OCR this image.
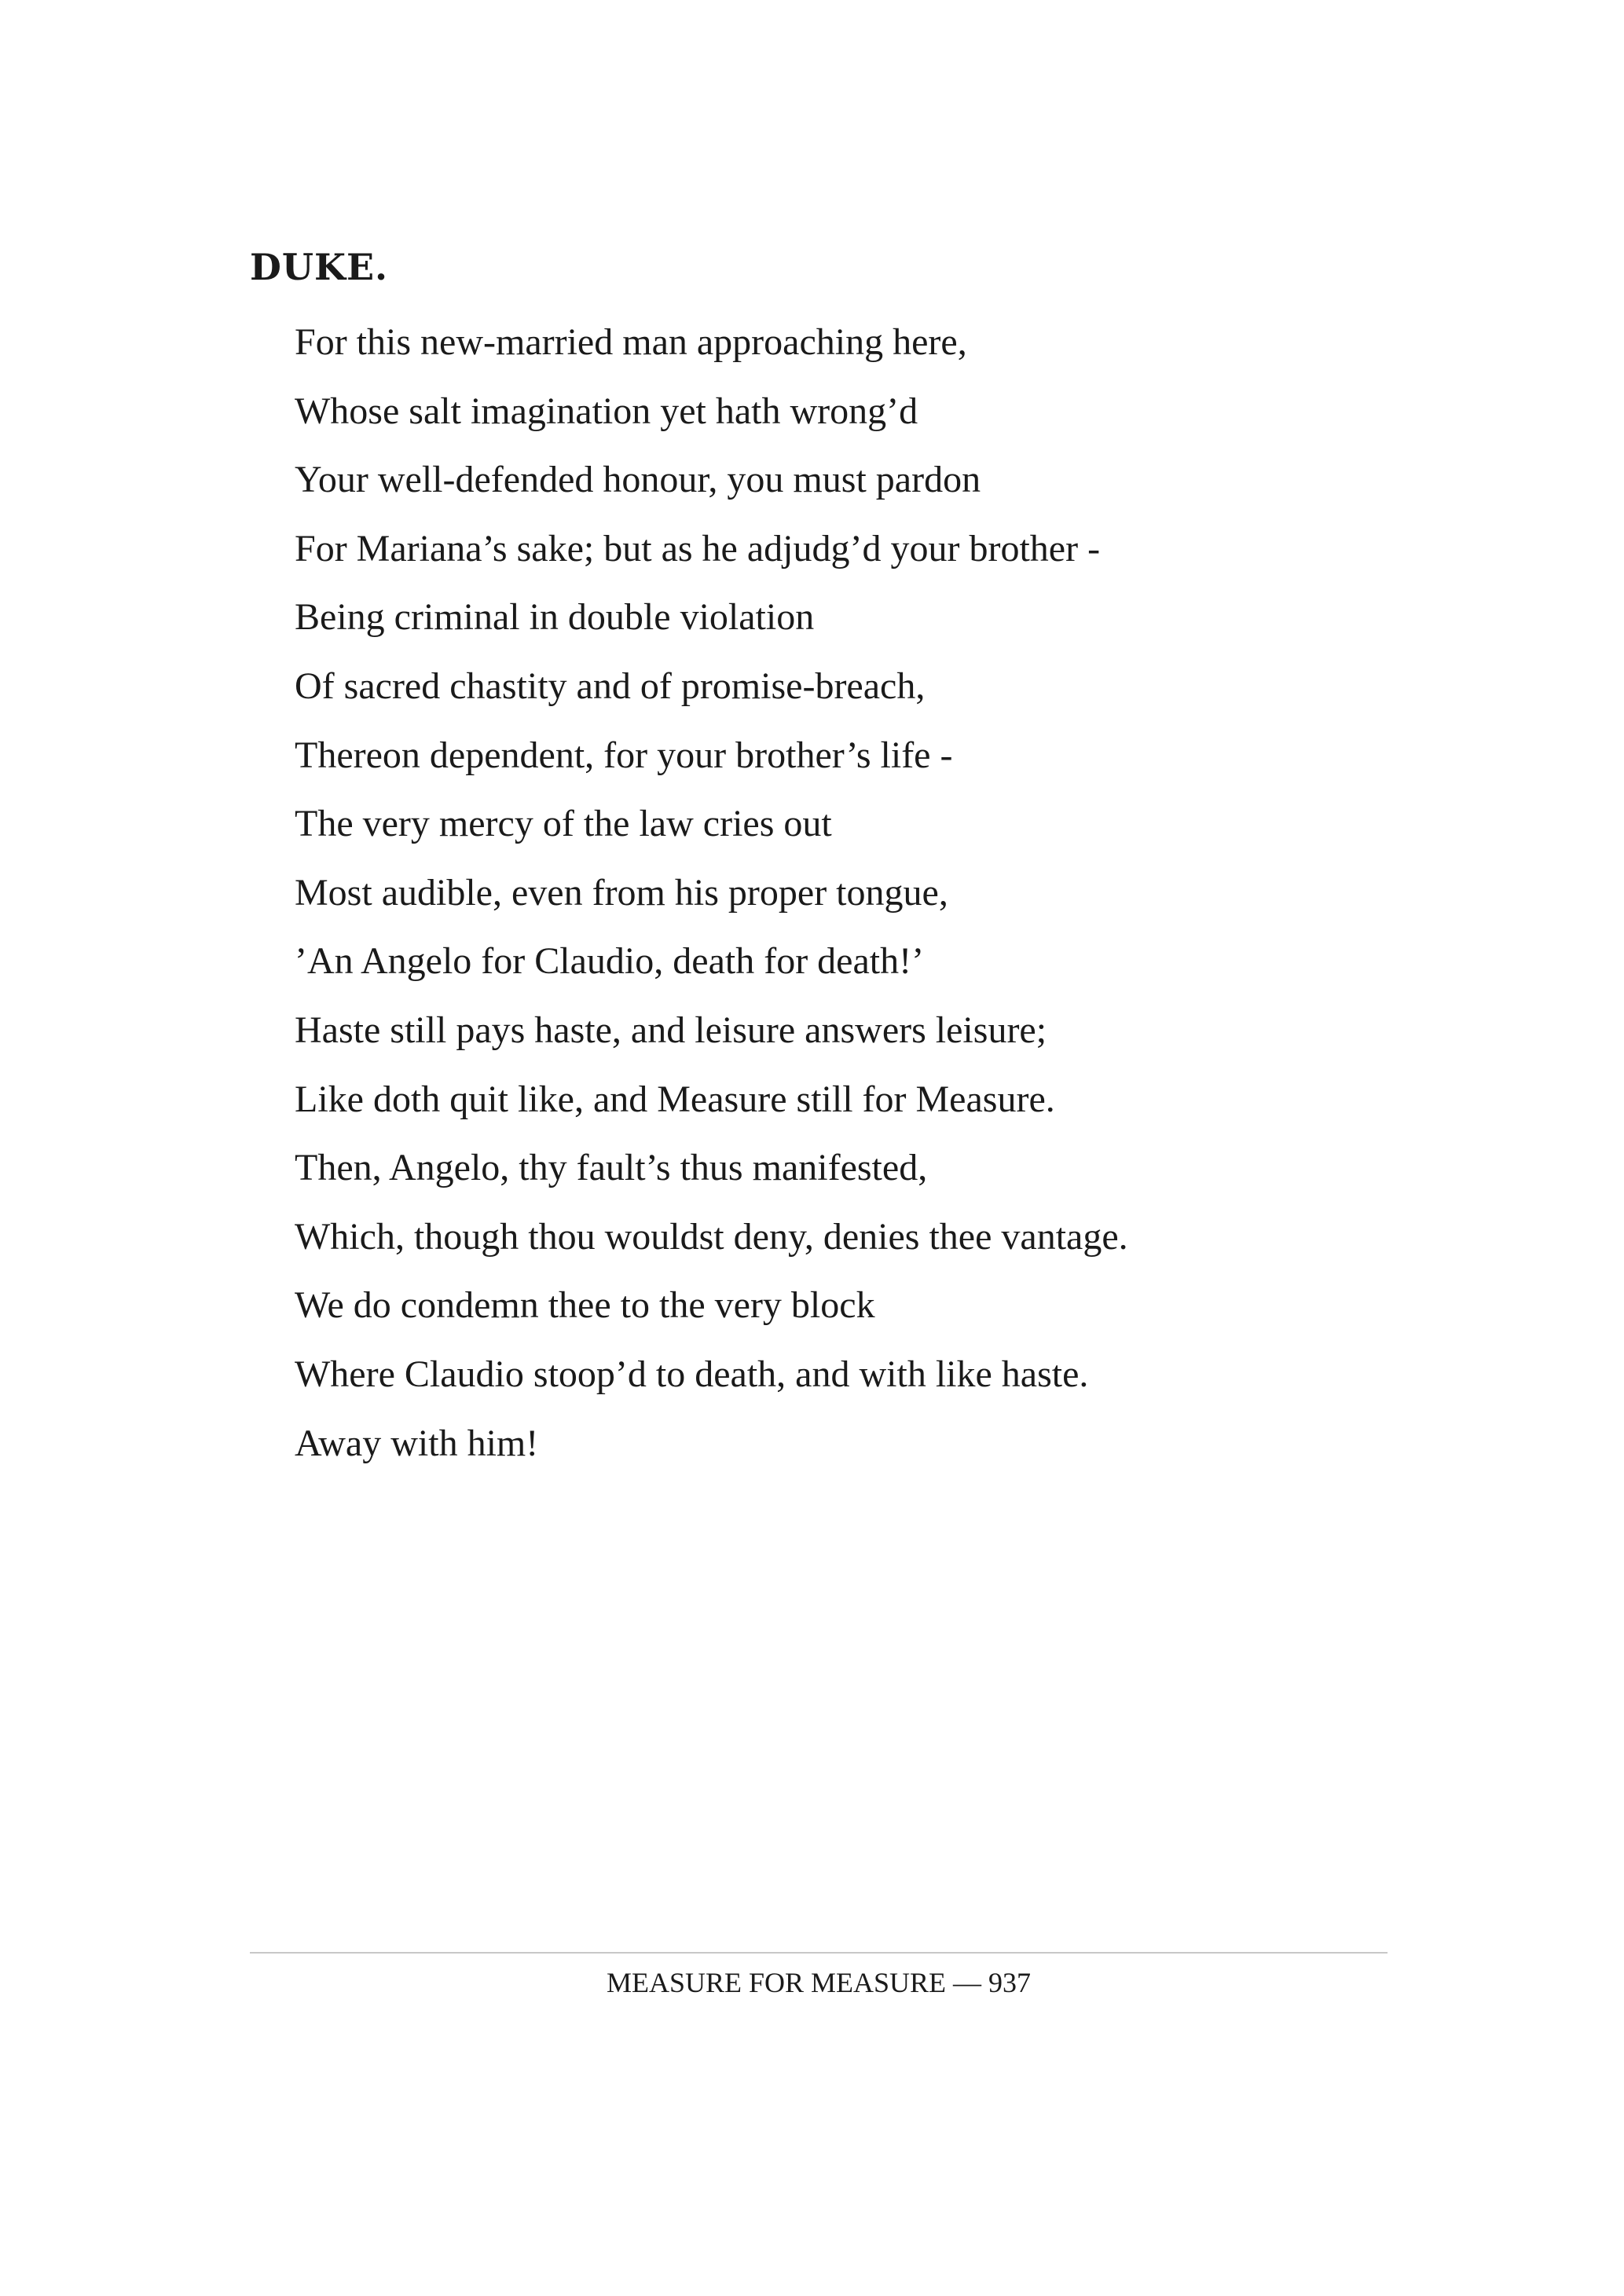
DUKE.
For this new-married man approaching here,
Whose salt imagination yet hath wrong’d
Your well-defended honour, you must pardon
For Mariana’s sake; but as he adjudg’d your brother -
Being criminal in double violation
Of sacred chastity and of promise-breach,
Thereon dependent, for your brother’s life -
The very mercy of the law cries out
Most audible, even from his proper tongue,
’An Angelo for Claudio, death for death!’
Haste still pays haste, and leisure answers leisure;
Like doth quit like, and Measure still for Measure.
Then, Angelo, thy fault’s thus manifested,
Which, though thou wouldst deny, denies thee vantage.
We do condemn thee to the very block
Where Claudio stoop’d to death, and with like haste.
Away with him!
MEASURE FOR MEASURE — 937
